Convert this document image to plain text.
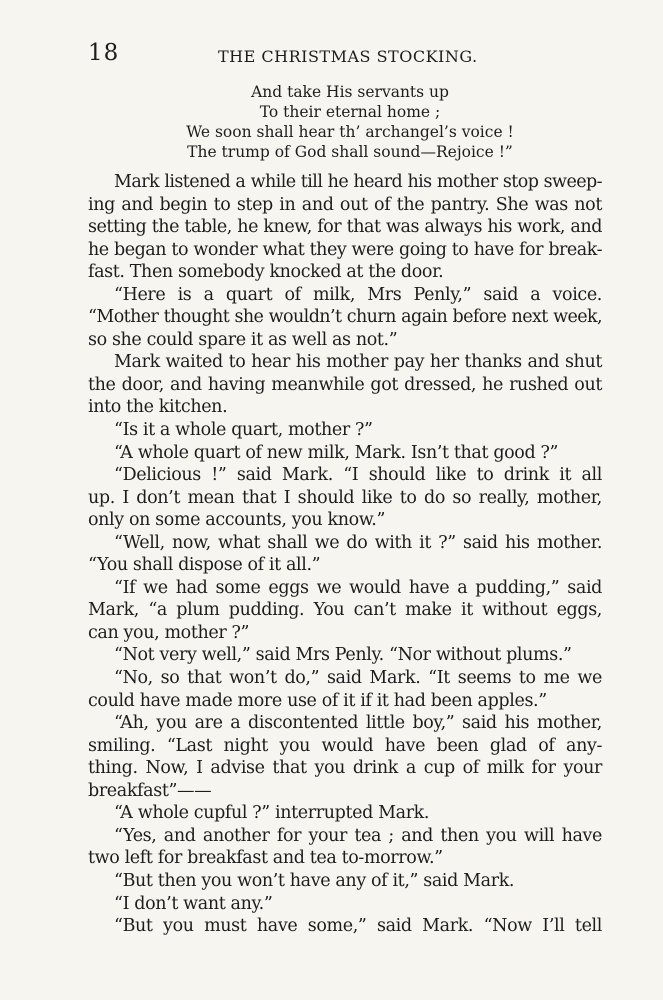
18	THE CHRISTMAS STOCKING.
And take His servants up
To their eternal home ;
We soon shall hear th’ archangel’s voice !
The trump of God shall sound—Rejoice !”
Mark listened a while till he heard his mother stop sweep-
ing and begin to step in and out of the pantry. She was not
setting the table, he knew, for that was always his work, and
he began to wonder what they were going to have for break-
fast. Then somebody knocked at the door.
“Here is a quart of milk, Mrs Penly,” said a voice.
“Mother thought she wouldn’t churn again before next week,
so she could spare it as well as not.”
Mark waited to hear his mother pay her thanks and shut
the door, and having meanwhile got dressed, he rushed out
into the kitchen.
“Is it a whole quart, mother ?”
“A whole quart of new milk, Mark. Isn’t that good ?”
“Delicious !” said Mark. “I should like to drink it all
up. I don’t mean that I should like to do so really, mother,
only on some accounts, you know.”
“Well, now, what shall we do with it ?” said his mother.
“You shall dispose of it all.”
“If we had some eggs we would have a pudding,” said
Mark, “a plum pudding. You can’t make it without eggs,
can you, mother ?”
“Not very well,” said Mrs Penly. “Nor without plums.”
“No, so that won’t do,” said Mark. “It seems to me we
could have made more use of it if it had been apples.”
“Ah, you are a discontented little boy,” said his mother,
smiling. “Last night you would have been glad of any-
thing. Now, I advise that you drink a cup of milk for your
breakfast”——
“A whole cupful ?” interrupted Mark.
“Yes, and another for your tea ; and then you will have
two left for breakfast and tea to-morrow.”
“But then you won’t have any of it,” said Mark.
“I don’t want any.”
“But you must have some,” said Mark. “Now I’ll tell
